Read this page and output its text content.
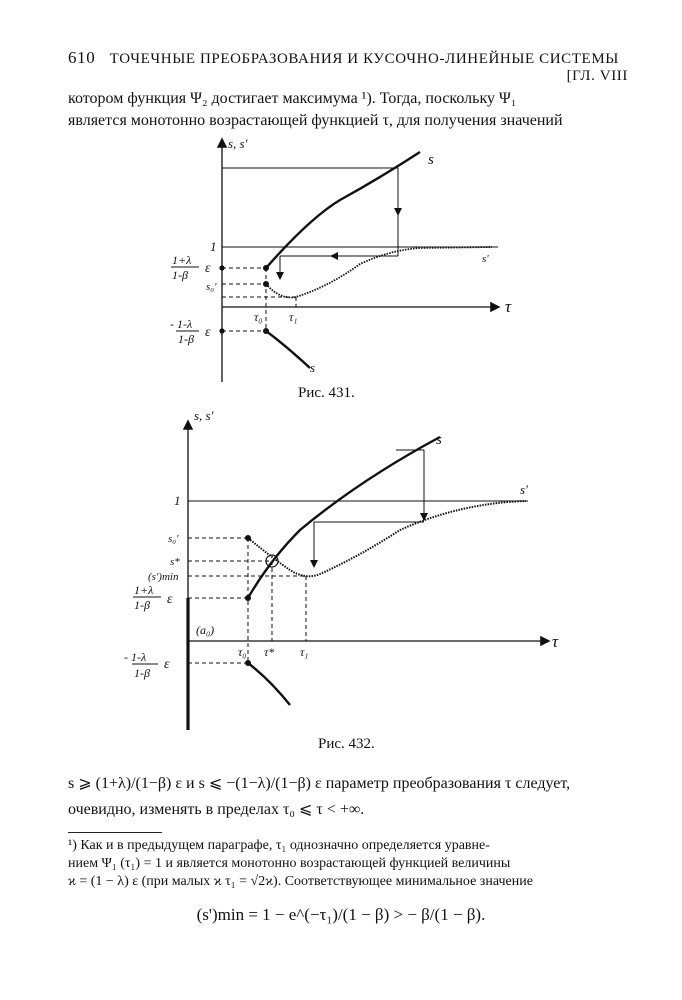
610 ТОЧЕЧНЫЕ ПРЕОБРАЗОВАНИЯ И КУСОЧНО-ЛИНЕЙНЫЕ СИСТЕМЫ
[ГЛ. VIII
котором функция Ψ₂ достигает максимума ¹). Тогда, поскольку Ψ₁
является монотонно возрастающей функцией τ, для получения значений
s, s'
τ
s
s'
1
1+λ
1-β ε
s₀'
τ₀ τ₁
- 1-λ
1-β ε
s
s, s'
τ
s
s'
1
s₀'
s*
(s')min
1+λ
1-β ε
(a₀)
τ₀ τ* τ₁
- 1-λ
1-β
ε
Рис. 431.
Рис. 432.
s ⩾ (1+λ)/(1−β) ε и s ⩽ −(1−λ)/(1−β) ε параметр преобразования τ следует,
очевидно, изменять в пределах τ₀ ⩽ τ < +∞.
¹) Как и в предыдущем параграфе, τ₁ однозначно определяется уравне-
нием Ψ₁ (τ₁) = 1 и является монотонно возрастающей функцией величины
ϰ = (1 − λ) ε (при малых ϰ τ₁ = √2ϰ). Соответствующее минимальное значение
(s')min = 1 − e^(−τ₁)/(1 − β) > − β/(1 − β).
